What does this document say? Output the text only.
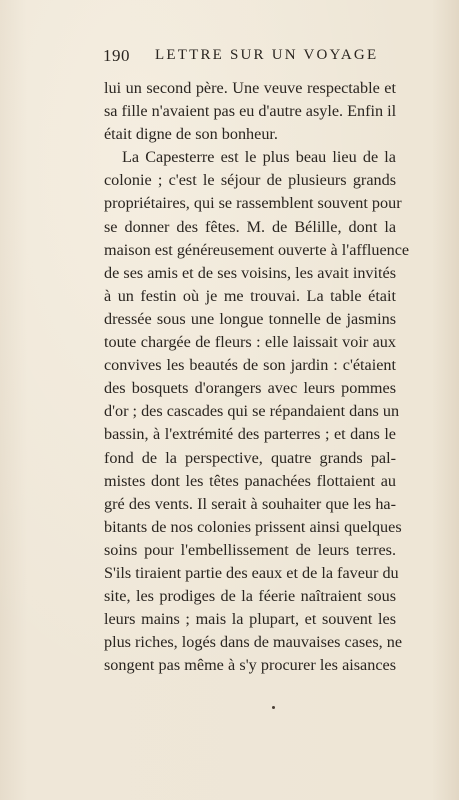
190 LETTRE SUR UN VOYAGE
lui un second père. Une veuve respectable et
sa fille n'avaient pas eu d'autre asyle. Enfin il
était digne de son bonheur.
La Capesterre est le plus beau lieu de la
colonie ; c'est le séjour de plusieurs grands
propriétaires, qui se rassemblent souvent pour
se donner des fêtes. M. de Bélille, dont la
maison est généreusement ouverte à l'affluence
de ses amis et de ses voisins, les avait invités
à un festin où je me trouvai. La table était
dressée sous une longue tonnelle de jasmins
toute chargée de fleurs : elle laissait voir aux
convives les beautés de son jardin : c'étaient
des bosquets d'orangers avec leurs pommes
d'or ; des cascades qui se répandaient dans un
bassin, à l'extrémité des parterres ; et dans le
fond de la perspective, quatre grands pal-
mistes dont les têtes panachées flottaient au
gré des vents. Il serait à souhaiter que les ha-
bitants de nos colonies prissent ainsi quelques
soins pour l'embellissement de leurs terres.
S'ils tiraient partie des eaux et de la faveur du
site, les prodiges de la féerie naîtraient sous
leurs mains ; mais la plupart, et souvent les
plus riches, logés dans de mauvaises cases, ne
songent pas même à s'y procurer les aisances
